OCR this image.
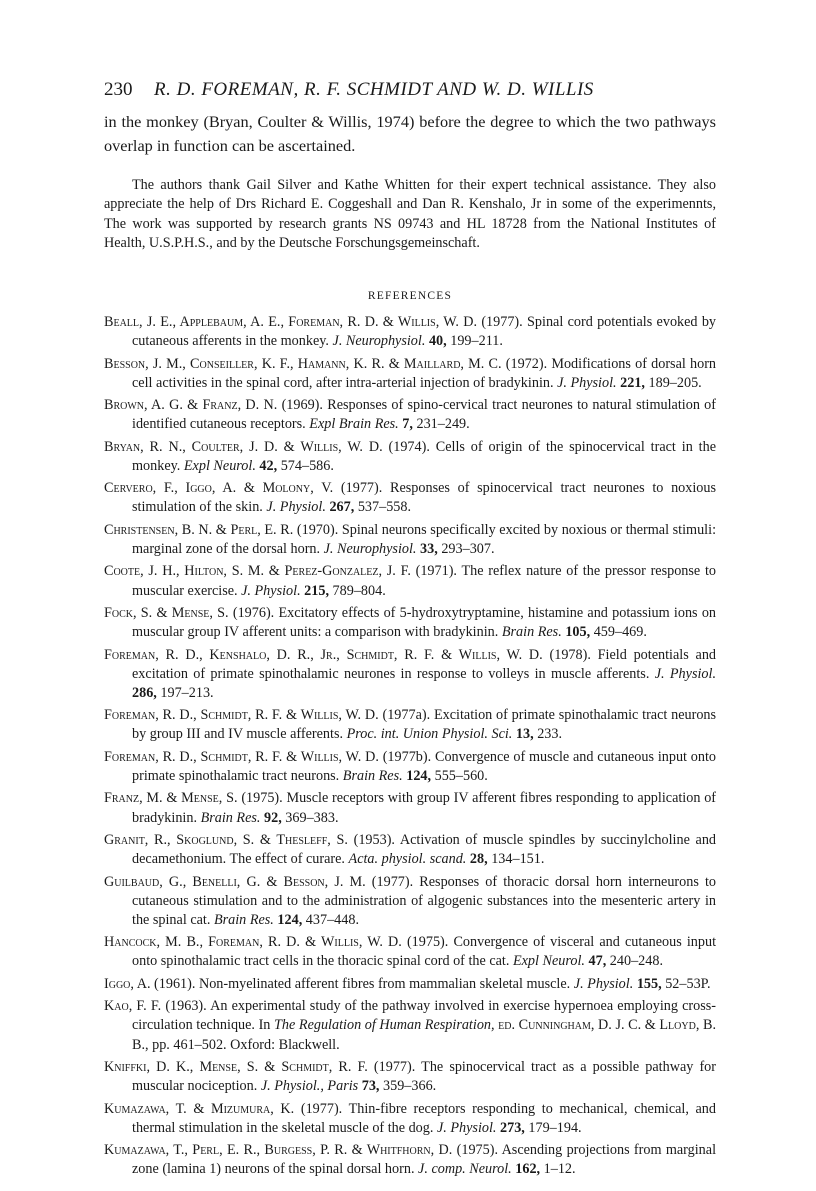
230 R. D. FOREMAN, R. F. SCHMIDT AND W. D. WILLIS

in the monkey (Bryan, Coulter & Willis, 1974) before the degree to which the two pathways overlap in function can be ascertained.

The authors thank Gail Silver and Kathe Whitten for their expert technical assistance. They also appreciate the help of Drs Richard E. Coggeshall and Dan R. Kenshalo, Jr in some of the experimennts, The work was supported by research grants NS 09743 and HL 18728 from the National Institutes of Health, U.S.P.H.S., and by the Deutsche Forschungsgemeinschaft.

REFERENCES

Beall, J. E., Applebaum, A. E., Foreman, R. D. & Willis, W. D. (1977). Spinal cord potentials evoked by cutaneous afferents in the monkey. J. Neurophysiol. 40, 199–211.
Besson, J. M., Conseiller, K. F., Hamann, K. R. & Maillard, M. C. (1972). Modifications of dorsal horn cell activities in the spinal cord, after intra-arterial injection of bradykinin. J. Physiol. 221, 189–205.
Brown, A. G. & Franz, D. N. (1969). Responses of spino-cervical tract neurones to natural stimulation of identified cutaneous receptors. Expl Brain Res. 7, 231–249.
Bryan, R. N., Coulter, J. D. & Willis, W. D. (1974). Cells of origin of the spinocervical tract in the monkey. Expl Neurol. 42, 574–586.
Cervero, F., Iggo, A. & Molony, V. (1977). Responses of spinocervical tract neurones to noxious stimulation of the skin. J. Physiol. 267, 537–558.
Christensen, B. N. & Perl, E. R. (1970). Spinal neurons specifically excited by noxious or thermal stimuli: marginal zone of the dorsal horn. J. Neurophysiol. 33, 293–307.
Coote, J. H., Hilton, S. M. & Perez-Gonzalez, J. F. (1971). The reflex nature of the pressor response to muscular exercise. J. Physiol. 215, 789–804.
Fock, S. & Mense, S. (1976). Excitatory effects of 5-hydroxytryptamine, histamine and potassium ions on muscular group IV afferent units: a comparison with bradykinin. Brain Res. 105, 459–469.
Foreman, R. D., Kenshalo, D. R., Jr., Schmidt, R. F. & Willis, W. D. (1978). Field potentials and excitation of primate spinothalamic neurones in response to volleys in muscle afferents. J. Physiol. 286, 197–213.
Foreman, R. D., Schmidt, R. F. & Willis, W. D. (1977a). Excitation of primate spinothalamic tract neurons by group III and IV muscle afferents. Proc. int. Union Physiol. Sci. 13, 233.
Foreman, R. D., Schmidt, R. F. & Willis, W. D. (1977b). Convergence of muscle and cutaneous input onto primate spinothalamic tract neurons. Brain Res. 124, 555–560.
Franz, M. & Mense, S. (1975). Muscle receptors with group IV afferent fibres responding to application of bradykinin. Brain Res. 92, 369–383.
Granit, R., Skoglund, S. & Thesleff, S. (1953). Activation of muscle spindles by succinylcholine and decamethonium. The effect of curare. Acta. physiol. scand. 28, 134–151.
Guilbaud, G., Benelli, G. & Besson, J. M. (1977). Responses of thoracic dorsal horn interneurons to cutaneous stimulation and to the administration of algogenic substances into the mesenteric artery in the spinal cat. Brain Res. 124, 437–448.
Hancock, M. B., Foreman, R. D. & Willis, W. D. (1975). Convergence of visceral and cutaneous input onto spinothalamic tract cells in the thoracic spinal cord of the cat. Expl Neurol. 47, 240–248.
Iggo, A. (1961). Non-myelinated afferent fibres from mammalian skeletal muscle. J. Physiol. 155, 52–53P.
Kao, F. F. (1963). An experimental study of the pathway involved in exercise hypernoea employing cross-circulation technique. In The Regulation of Human Respiration, ed. Cunningham, D. J. C. & Lloyd, B. B., pp. 461–502. Oxford: Blackwell.
Kniffki, D. K., Mense, S. & Schmidt, R. F. (1977). The spinocervical tract as a possible pathway for muscular nociception. J. Physiol., Paris 73, 359–366.
Kumazawa, T. & Mizumura, K. (1977). Thin-fibre receptors responding to mechanical, chemical, and thermal stimulation in the skeletal muscle of the dog. J. Physiol. 273, 179–194.
Kumazawa, T., Perl, E. R., Burgess, P. R. & Whitfhorn, D. (1975). Ascending projections from marginal zone (lamina 1) neurons of the spinal dorsal horn. J. comp. Neurol. 162, 1–12.
